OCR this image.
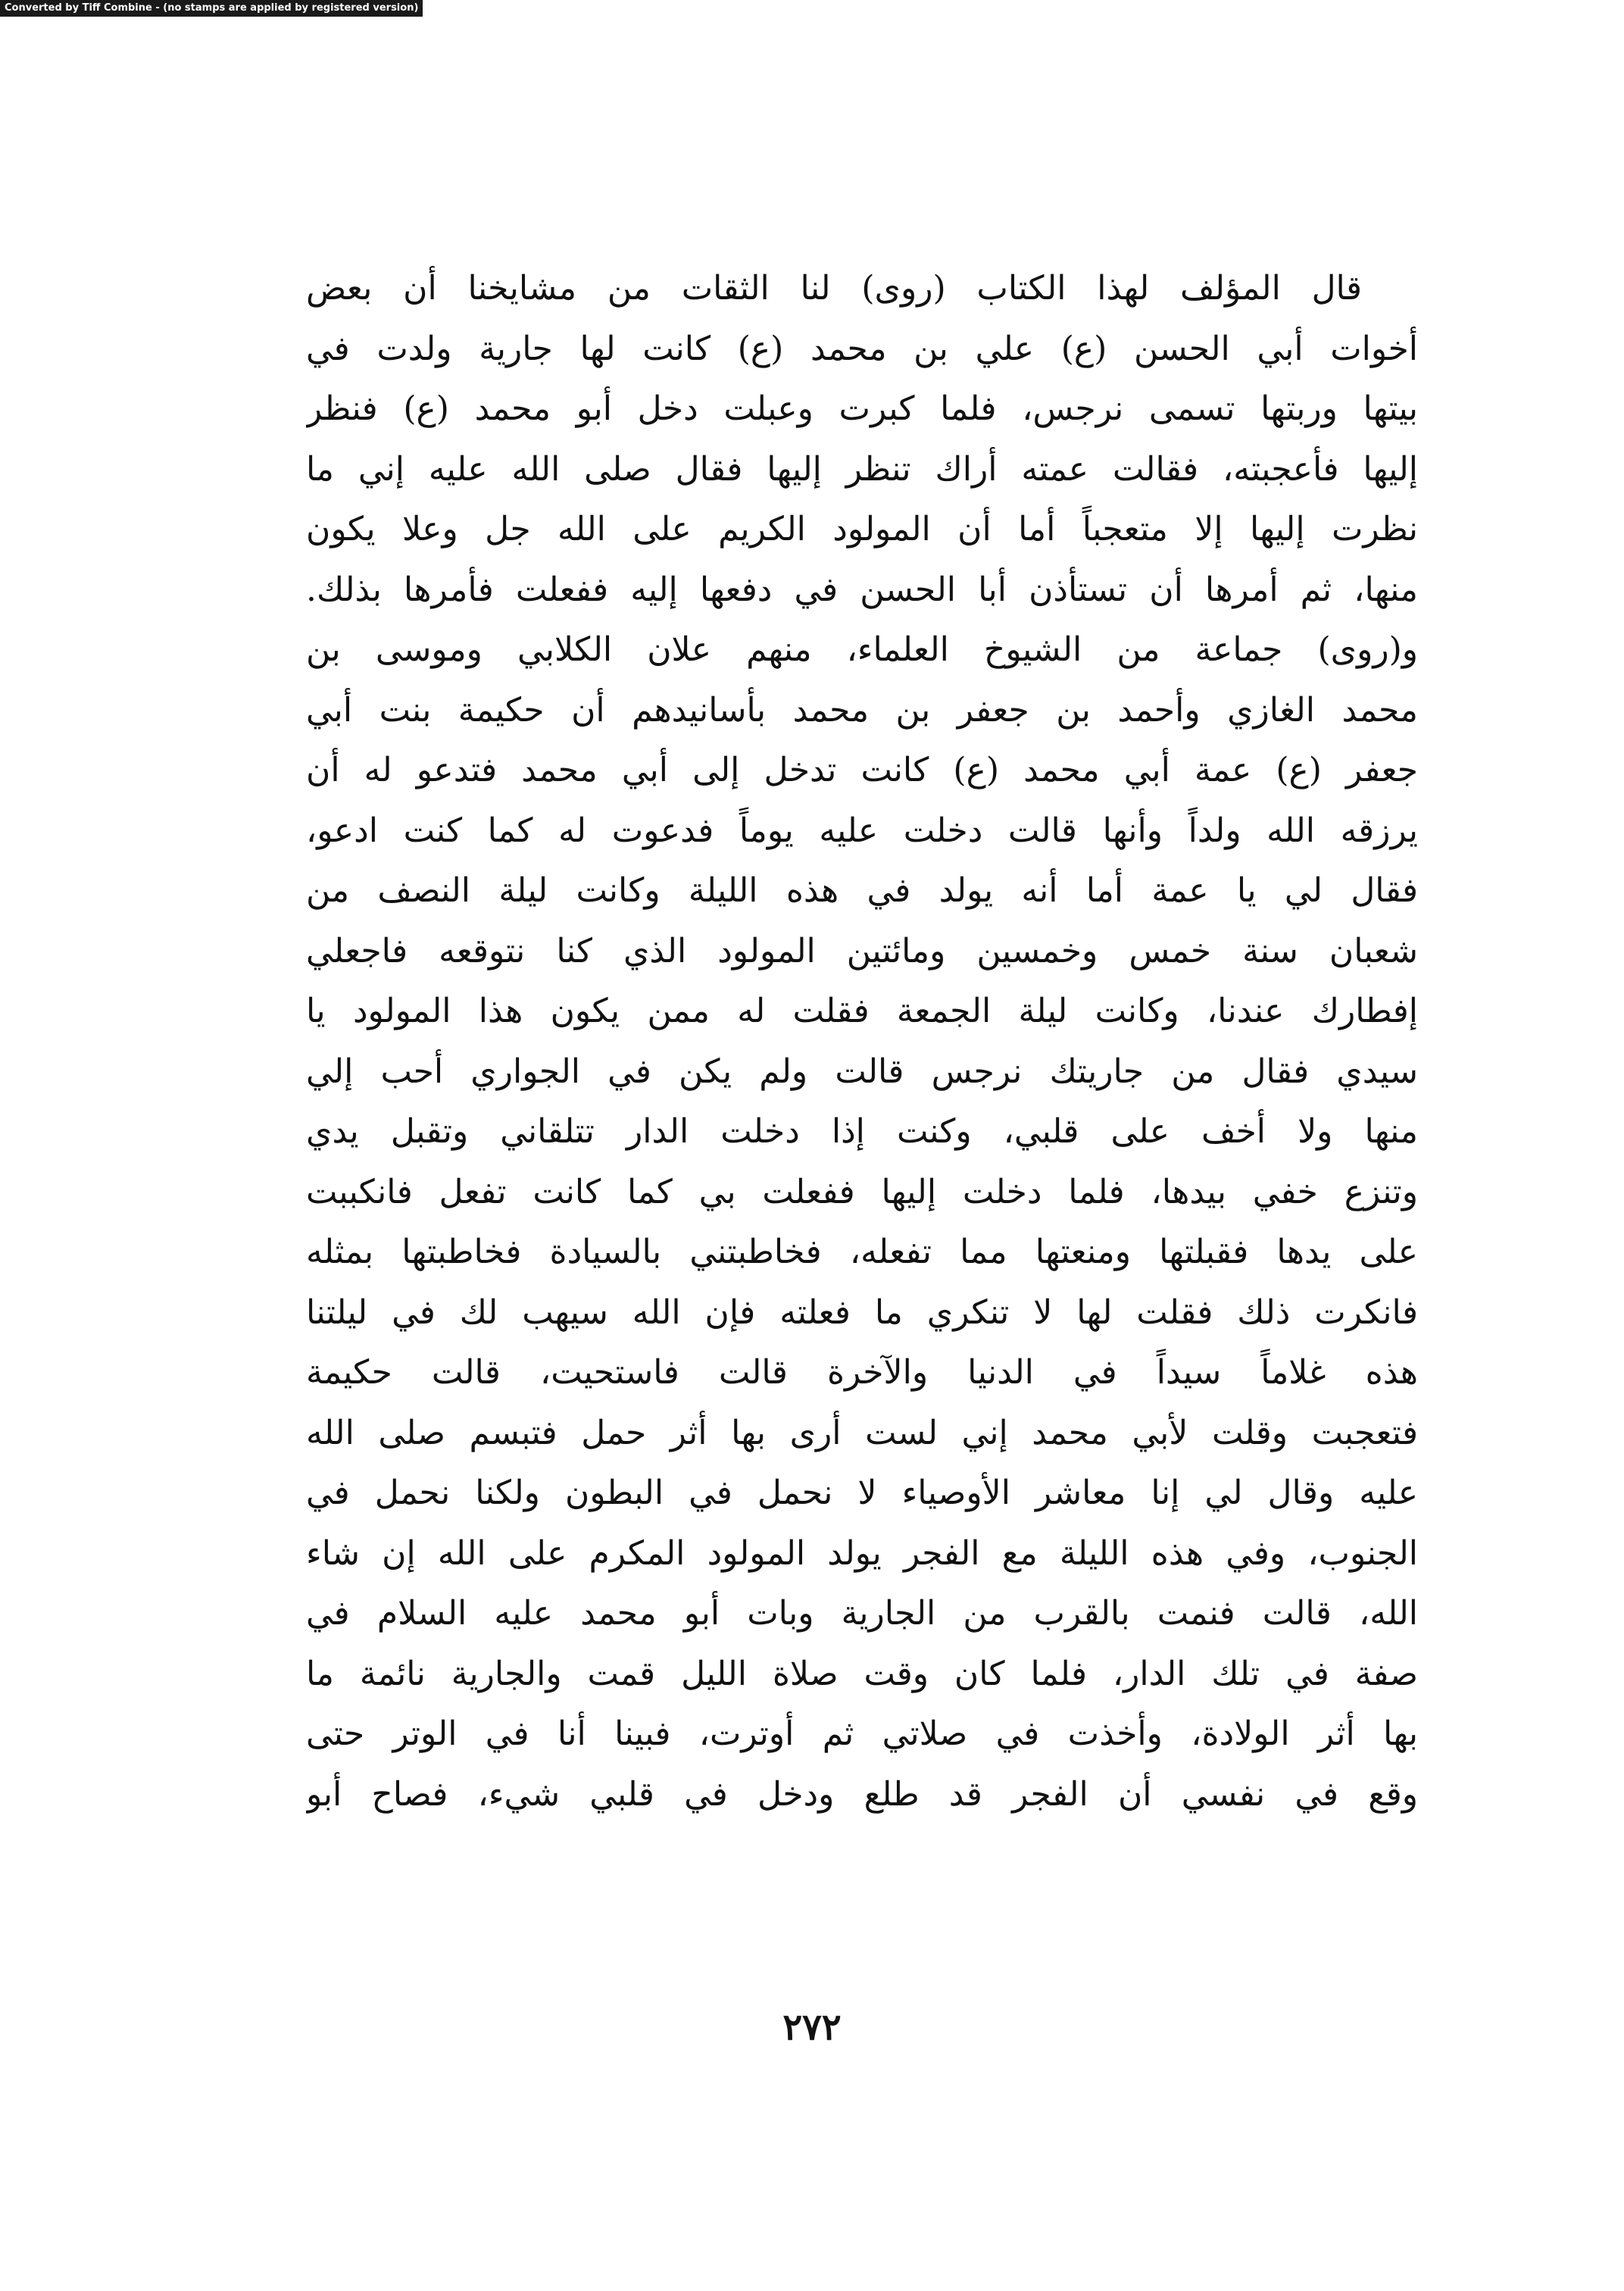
Converted by Tiff Combine - (no stamps are applied by registered version)
قال المؤلف لهذا الكتاب (روى) لنا الثقات من مشايخنا أن بعض
أخوات أبي الحسن (ع) علي بن محمد (ع) كانت لها جارية ولدت في
بيتها وربتها تسمى نرجس، فلما كبرت وعبلت دخل أبو محمد (ع) فنظر
إليها فأعجبته، فقالت عمته أراك تنظر إليها فقال صلى الله عليه إني ما
نظرت إليها إلا متعجباً أما أن المولود الكريم على الله جل وعلا يكون
منها، ثم أمرها أن تستأذن أبا الحسن في دفعها إليه ففعلت فأمرها بذلك.
و(روى) جماعة من الشيوخ العلماء، منهم علان الكلابي وموسى بن
محمد الغازي وأحمد بن جعفر بن محمد بأسانيدهم أن حكيمة بنت أبي
جعفر (ع) عمة أبي محمد (ع) كانت تدخل إلى أبي محمد فتدعو له أن
يرزقه الله ولداً وأنها قالت دخلت عليه يوماً فدعوت له كما كنت ادعو،
فقال لي يا عمة أما أنه يولد في هذه الليلة وكانت ليلة النصف من
شعبان سنة خمس وخمسين ومائتين المولود الذي كنا نتوقعه فاجعلي
إفطارك عندنا، وكانت ليلة الجمعة فقلت له ممن يكون هذا المولود يا
سيدي فقال من جاريتك نرجس قالت ولم يكن في الجواري أحب إلي
منها ولا أخف على قلبي، وكنت إذا دخلت الدار تتلقاني وتقبل يدي
وتنزع خفي بيدها، فلما دخلت إليها ففعلت بي كما كانت تفعل فانكببت
على يدها فقبلتها ومنعتها مما تفعله، فخاطبتني بالسيادة فخاطبتها بمثله
فانكرت ذلك فقلت لها لا تنكري ما فعلته فإن الله سيهب لك في ليلتنا
هذه غلاماً سيداً في الدنيا والآخرة قالت فاستحيت، قالت حكيمة
فتعجبت وقلت لأبي محمد إني لست أرى بها أثر حمل فتبسم صلى الله
عليه وقال لي إنا معاشر الأوصياء لا نحمل في البطون ولكنا نحمل في
الجنوب، وفي هذه الليلة مع الفجر يولد المولود المكرم على الله إن شاء
الله، قالت فنمت بالقرب من الجارية وبات أبو محمد عليه السلام في
صفة في تلك الدار، فلما كان وقت صلاة الليل قمت والجارية نائمة ما
بها أثر الولادة، وأخذت في صلاتي ثم أوترت، فبينا أنا في الوتر حتى
وقع في نفسي أن الفجر قد طلع ودخل في قلبي شيء، فصاح أبو
٢٧٢
